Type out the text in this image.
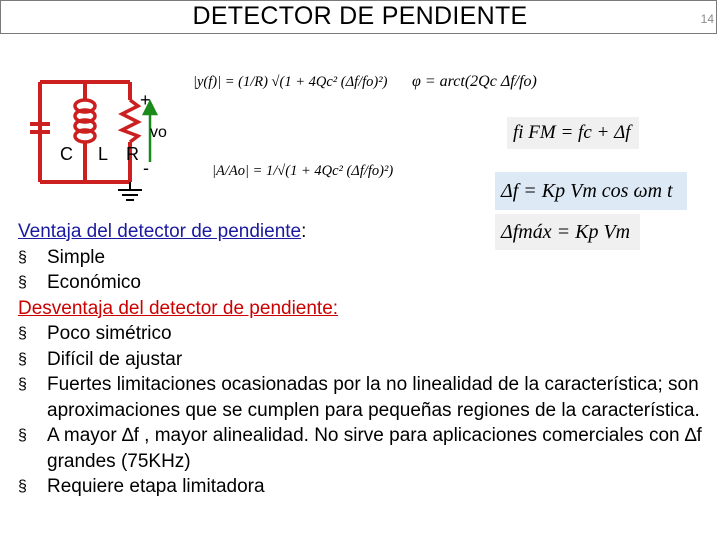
DETECTOR DE PENDIENTE	14
+
vo
-
C L R
|y(f)| = (1/R) √(1 + 4Qc² (Δf/fo)²)	φ = arct(2Qc Δf/fo)
fi FM = fc + Δf
|A/Ao| = 1/√(1 + 4Qc² (Δf/fo)²)
Δf = Kp Vm cos ωm t
Δfmáx = Kp Vm
Ventaja del detector de pendiente:
§	Simple
§	Económico
Desventaja del detector de pendiente:
§	Poco simétrico
§	Difícil de ajustar
§	Fuertes limitaciones ocasionadas por la no linealidad de la característica; son aproximaciones que se cumplen para pequeñas regiones de la característica.
§	A mayor ∆f , mayor alinealidad. No sirve para aplicaciones comerciales con ∆f grandes (75KHz)
§	Requiere etapa limitadora
